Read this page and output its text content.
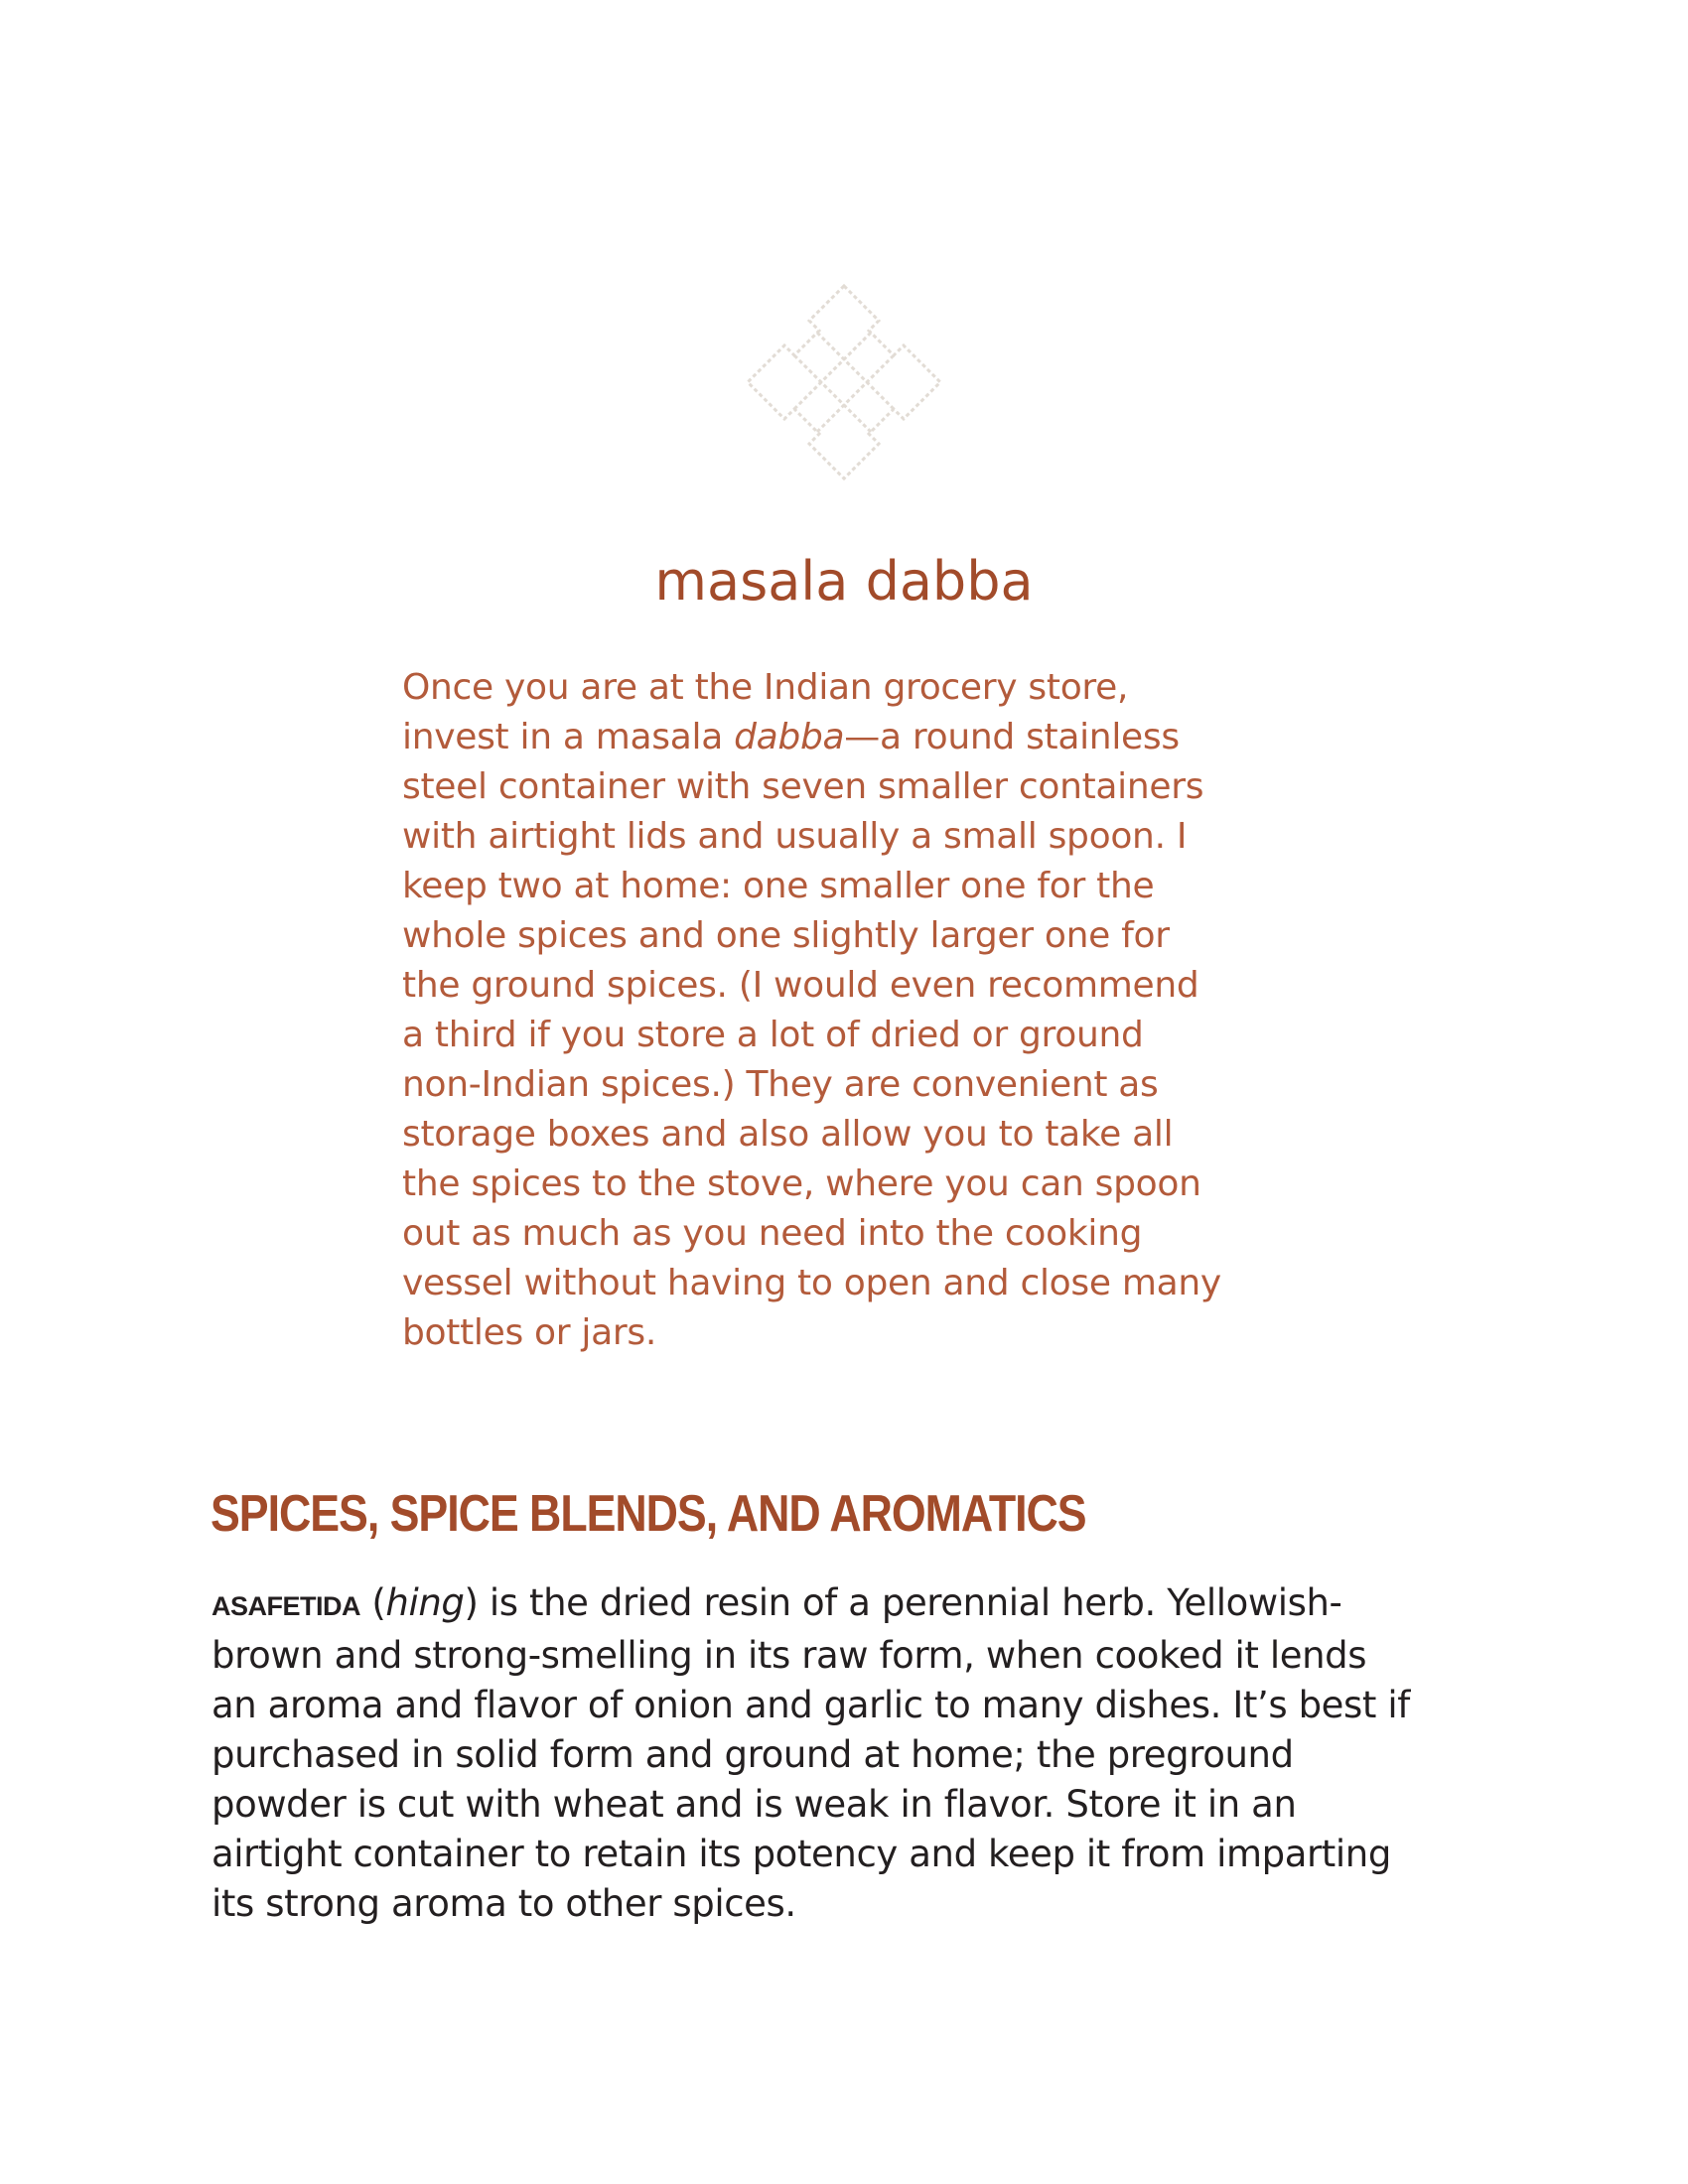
masala dabba
Once you are at the Indian grocery store,
invest in a masala dabba—a round stainless
steel container with seven smaller containers
with airtight lids and usually a small spoon. I
keep two at home: one smaller one for the
whole spices and one slightly larger one for
the ground spices. (I would even recommend
a third if you store a lot of dried or ground
non-Indian spices.) They are convenient as
storage boxes and also allow you to take all
the spices to the stove, where you can spoon
out as much as you need into the cooking
vessel without having to open and close many
bottles or jars.
SPICES, SPICE BLENDS, AND AROMATICS
ASAFETIDA (hing) is the dried resin of a perennial herb. Yellowish-
brown and strong-smelling in its raw form, when cooked it lends
an aroma and flavor of onion and garlic to many dishes. It’s best if
purchased in solid form and ground at home; the preground
powder is cut with wheat and is weak in flavor. Store it in an
airtight container to retain its potency and keep it from imparting
its strong aroma to other spices.
